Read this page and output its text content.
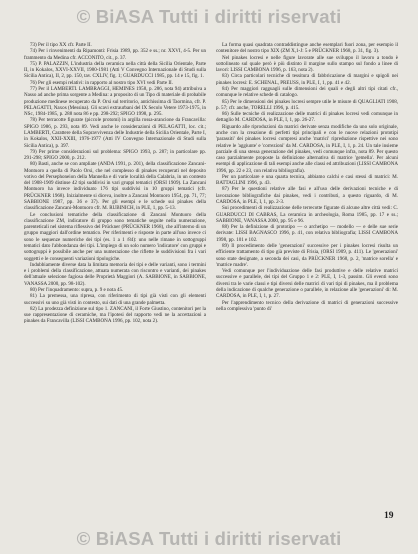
© BiASA Tutti i diritti riservati

73) Per il tipo XX cfr. Parte II.

74) Per i rinvenimenti da Ripamonti: Frisia 1989, pp. 352 e ss.; nr. XXVI, 4-5. Per un frammento da Medina cfr. ACCONITO, cit., p. 37.

75) P. PALAZZIN, L'industria della ceramica nella città della Sicilia Orientale, Parte II, in Kokalos, XXVI-XXVII, 1980-1981 (Atti V Convegno Internazionale di Studi sulla Sicilia Antica), II, 2, pp. 150, tav. CXLIV, fig. 1; GUARDUCCI 1985, pp. 14 e 15, fig. 1.

76) Per gli esempi relativi: in rapporto al nostro tipo XVI vedi Parte II.

77) Per il LAMBERTI. LAMBRAGGI, HEMINES 1958, p. 286, nota 94) attribuiva a Nasso ad anche prima sorgente a Medina: a proposito di un Tipo di materiale di probabile produzione medinese recuperato da P. Orsi sul territorio, antichissima di Taormina, cfr. P. PELAGATTI, Naxos (Messina). Gli scavi extraurbani del IX Secolo Vetere 1973-1975, in NSc, 1984-1985, p. 288 nota 86 e pp. 298-292; SPIGO 1998, p. 295.

78) Per terracotte figurate (piccole protomi) in argilla rossa-arancione da Francavilla: SPIGO 1986, p. 293, nota 89. Vedi anche le considerazioni di PELAGATTI, loc. cit.; LAMBERTI, Carattere della Sopravvivenza delle Industrie della Sicilia Orientale, Parte I, in Kokalos, XXII-XXIII, 1976-1977 (Atti IV Convegno Internazionale di Studi sulla Sicilia Antica), p. 397.

79) Per prime considerazioni sul problema: SPIGO 1993, p. 287; in particolare pp. 291-298; SPIGO 2000, p. 212.

80) Basti, anche se con ampliate (ANDA 1991, p. 201), della classificazione Zancani-Montuoro a quella di Paolo Orsi, che nel complesso di pinakes recuperati nel deposito votivo del Persephoneion della Mannella e di varie località della Calabria, in un contesto del 1908-1909 distinse 42 tipi suddivisi in vari gruppi tematici (ORSI 1909). La Zancani Montuoro ha invece individuato 176 tipi suddivisi in 10 gruppi tematici (cfr. PRÜCKNER 1968). Inizialmente si diceva, inoltre a Zancani Montuoro 1954, pp. 71, 77; SABBIONE 1987, pp. 36 e 37). Per gli esempi e le schede sui pinakes della classificazione Zancani-Montuoro cfr. M. RUBINICH, in PLE, 1, pp. 5-13.

Le conclusioni tematiche della classificazione di Zancani Montuoro della classificazione ZM, indicatore di gruppo sono tematiche seguite nella numerazione, parenteticali nel sistema riflessivo del Prückner (PRÜCKNER 1968), che all'interno di un gruppo maggiori dall'ordine tematico. Per riferimenti e risposte in parte all'uso invece ci sono le sequenze numeriche dei tipi (es. 1 a 1 /84): uno nelle rimane in sottogruppi tematici dato l'abbondanza dei tipi. L'impiego di un solo numero 'indicatore' con gruppi e sottogruppi è possibile anche per una numerazione che riflette le suddivisioni fra i vari soggetti e le conseguenti variazioni tipologiche.

Indubbiamente diverse data la limitata memoria dei tipi e delle varianti, sono i termini e i problemi della classificazione, attuata numerata con riscontro e varianti, dei pinakes dell'attuale selezione fagiosa delle Proprietà Maggiori (A. SABBIONE, in SABBIONE, VANASSA 2000, pp. 98-102).

80) Per l'inquadramento: supra, p. 9 e nota 45.

81) La premessa, una ripresa, con riferimento di tipi già visti con gli elementi successivi su uno già visti in contesto, sui dati di una grande palmetta.

82) La prodezza definizione sul tipo 1. ZANCANI, il Forte Giustino, contenitori per la sue rappresentazione di ceramiche, ma l'ipotesi del rapporto vedi ne la accettazioni a pinakes da Francavilla (LISSI CAMBONA 1996, pp. 102, nota 2).

La forma quasi quadrata contraddistingue anche esemplari fuori zona, per esempio il contenitore del nostro tipo XIX (ZM X,1-J: 5 e PRÜCKNER 1968, p. 31, fig. 3).

Nel pinakes locresi e nelle figure lavorate alle sue sviluppo il lavoro a tondo è sottolineato sul quale però è più distinto il margine sullo stampo sul fondo a linee di lavori: LISSI CAMBONA 1996, p. 163, nota 2).

83) Circa particolari tecniche di tessitura di fabbricazione di margini e spigoli nei pinakes locresi: E. SCHENAL, PREUSS, in PLE, I, 1, pp. 41 e 42.

84) Per maggiori ragguagli sulle dimensioni dei quali e degli altri tipi citati cfr., comunque le relative schede di catalogo.

85) Per le dimensioni dei pinakes locresi sempre utile le misure di QUAGLIATI 1908, p. 57; cfr. anche, TORELLI 1996, p. 415.

86) Sulle tecniche di realizzazione delle matrici di pinakes locresi vedi comunque in dettaglio M. CARDOSA, in PLE, I, 1, pp. 26-27.

Riguardo alle riproduzioni da matrici derivate senza modifiche da uno solo originale, anche con la creazione di perfetti tipi principali e con le nuove relazioni prototipi 'parassiti' dei pinakes locresi compresi anche 'matrici' ripreduzione rispettive nei sono relative le 'aggiunte' e 'correzioni' da M. CARDOSA, in PLE, I, 1, p. 24. Un tale insieme parziale di una stessa generazione del pinakes, vedi comunque infra, nota 89. Per questo caso parzialmente proposte la definizione alternativa di matrice 'gemella'. Per alcuni esempi di applicazione di tali esempi anche alle classi ed attribuzioni (LISSI CAMBONA 1996, pp. 22 e 23, con relativa bibliografia).

Per un particolare e una quarta tecnica, abbiamo calchi e casi stessi di matrici: M. BATTAGLINI 1996, p. 43.

87) Per le questioni relative alle fasi e all'uso delle derivazioni tecniche e di lavorazione bibliografiche dai pinakes, vedi i contributi, a questo riguardo, di M. CARDOSA, in PLE, I, 1, pp. 2-3.

Sui procedimenti di realizzazione delle terrecotte figurate di alcune altre città vedi: C. GUARDUCCI DI CABRAS, La ceramica in archeologia, Roma 1985, pp. 17 e ss.; SABBIONE, VANASSA 2000, pp. 95 e 96.

88) Per la definizione di prototipo — o archetipo — modello — e delle sue serie derivate: LISSI BAGNASCO 1996, p. 41, con relativa bibliografia; LISSI CAMBONA 1998, pp. 101 e 102.

89) Il procedimento delle 'generazioni' successive per i pinakes locresi risulta un efficiente trattamento di tipo già previste di Frisia, (ORSI 1909, p. 411). Le 'generazioni' sono state designate, a seconda dei casi, da PRÜCKNER 1968, p. 2, 'matrice sorella' e 'matrice madre'.

Vedi comunque per l'individuazione delle fasi produttive e delle relative matrici successive e parallele, dei tipi del Gruppo 1 e 2: PLE, I, 1-3, passim. Gli eventi sono diversi tra le varie classi e tipi diversi delle matrici di vari tipi di pinakes, ma il problema della indicazione di qualche generazione o parallele, in relazione alle 'generazioni' di: M. CARDOSA, in PLE, I, 1, p. 27.

Per l'apprendimento tecnico della derivazione di matrici di generazioni successive nella complessiva 'punto di'

19
© BiASA Tutti i diritti riservati
